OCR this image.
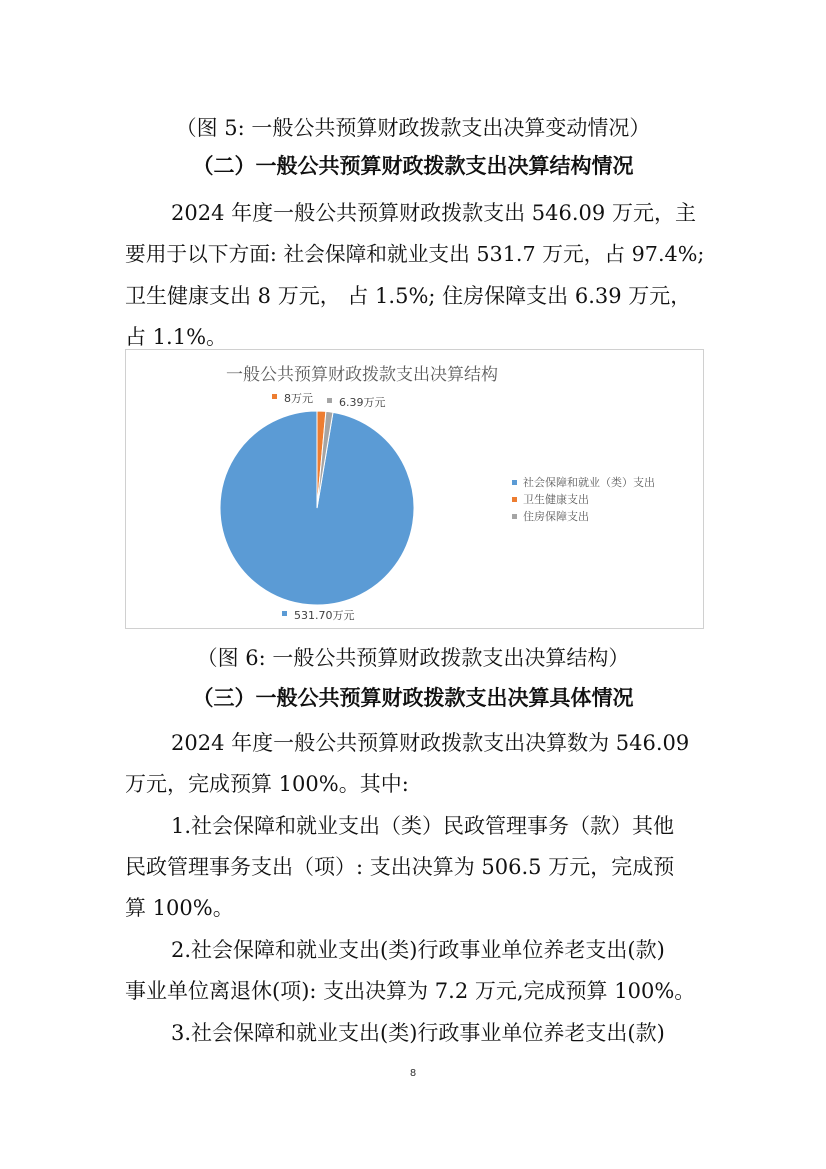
（图 5: 一般公共预算财政拨款支出决算变动情况）
（二）一般公共预算财政拨款支出决算结构情况
2024 年度一般公共预算财政拨款支出 546.09 万元，主
要用于以下方面: 社会保障和就业支出 531.7 万元，占 97.4%;
卫生健康支出 8 万元， 占 1.5%; 住房保障支出 6.39 万元，
占 1.1%。
一般公共预算财政拨款支出决算结构
531.70万元
8万元 6.39万元
社会保障和就业（类）支出
卫生健康支出
住房保障支出
（图 6: 一般公共预算财政拨款支出决算结构）
（三）一般公共预算财政拨款支出决算具体情况
2024 年度一般公共预算财政拨款支出决算数为 546.09
万元，完成预算 100%。其中:
1.社会保障和就业支出（类）民政管理事务（款）其他
民政管理事务支出（项）: 支出决算为 506.5 万元，完成预
算 100%。
2.社会保障和就业支出(类)行政事业单位养老支出(款)
事业单位离退休(项): 支出决算为 7.2 万元,完成预算 100%。
3.社会保障和就业支出(类)行政事业单位养老支出(款)
8
